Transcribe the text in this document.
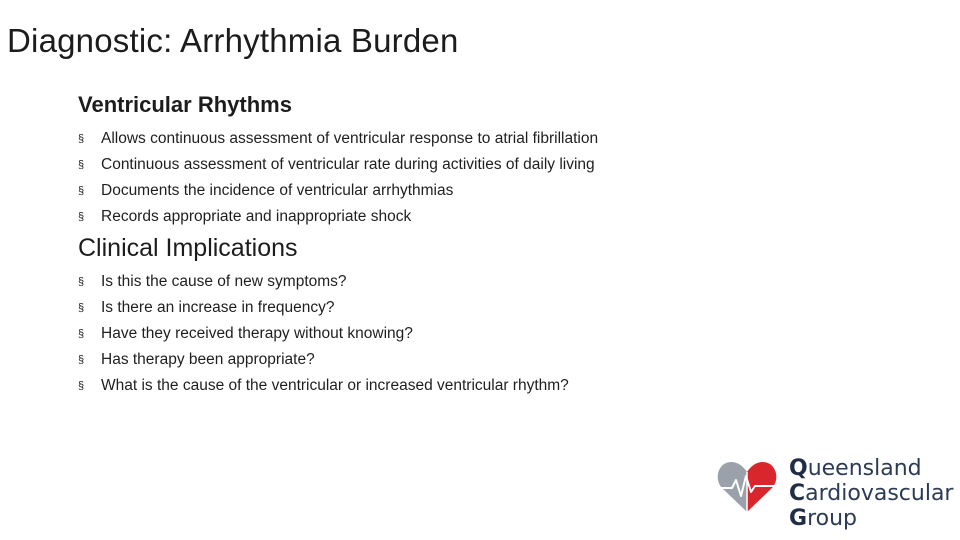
Diagnostic: Arrhythmia Burden
Ventricular Rhythms
§ Allows continuous assessment of ventricular response to atrial fibrillation
§ Continuous assessment of ventricular rate during activities of daily living
§ Documents the incidence of ventricular arrhythmias
§ Records appropriate and inappropriate shock
Clinical Implications
§ Is this the cause of new symptoms?
§ Is there an increase in frequency?
§ Have they received therapy without knowing?
§ Has therapy been appropriate?
§ What is the cause of the ventricular or increased ventricular rhythm?
Queensland
Cardiovascular
Group
